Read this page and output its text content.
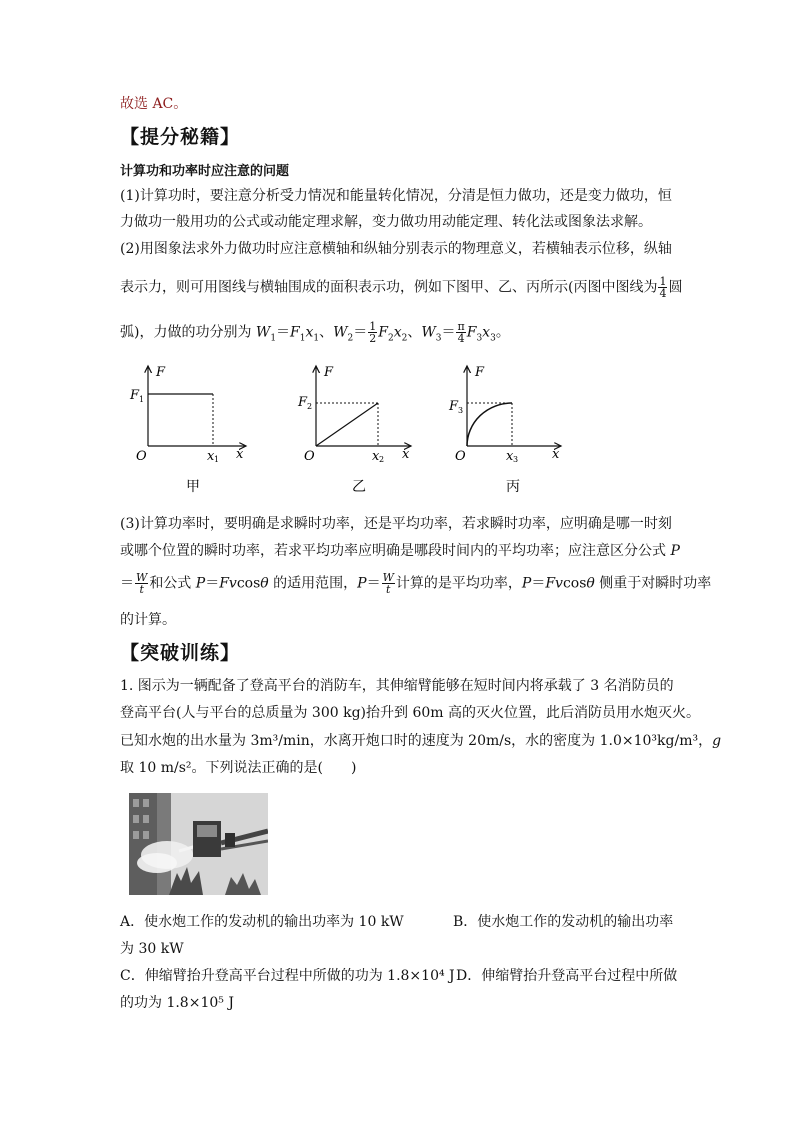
故选 AC。
【提分秘籍】
计算功和功率时应注意的问题
(1)计算功时，要注意分析受力情况和能量转化情况，分清是恒力做功，还是变力做功，恒
力做功一般用功的公式或动能定理求解，变力做功用动能定理、转化法或图象法求解。
(2)用图象法求外力做功时应注意横轴和纵轴分别表示的物理意义，若横轴表示位移，纵轴
表示力，则可用图线与横轴围成的面积表示功，例如下图甲、乙、丙所示(丙图中图线为 $\frac{1}{4}$ 圆
弧)，力做的功分别为 $W_1=F_1x_1$、$W_2= \frac{1}{2} F_2x_2$、$W_3= \frac{\pi}{4} F_3x_3$。
F
F 1
O	x 1 x
甲
F
F 2
O	x 2 x
乙
F
F 3
O	x 3	x
丙
(3)计算功率时，要明确是求瞬时功率，还是平均功率，若求瞬时功率，应明确是哪一时刻
或哪个位置的瞬时功率，若求平均功率应明确是哪段时间内的平均功率；应注意区分公式 P
＝ $\frac{W}{t}$ 和公式 P＝Fvcosθ 的适用范围，$P= \frac{W}{t}$ 计算的是平均功率，P＝Fvcosθ 侧重于对瞬时功率
的计算。
【突破训练】
1. 图示为一辆配备了登高平台的消防车，其伸缩臂能够在短时间内将承载了 3 名消防员的
登高平台(人与平台的总质量为 300 kg)抬升到 60m 高的灭火位置，此后消防员用水炮灭火。
已知水炮的出水量为 3m³/min，水离开炮口时的速度为 20m/s，水的密度为 1.0×10³kg/m³，g
取 10 m/s²。下列说法正确的是(　　)
A．使水炮工作的发动机的输出功率为 10 kW	B．使水炮工作的发动机的输出功率
为 30 kW
C．伸缩臂抬升登高平台过程中所做的功为 1.8×10⁴ J D．伸缩臂抬升登高平台过程中所做
的功为 1.8×10⁵ J
